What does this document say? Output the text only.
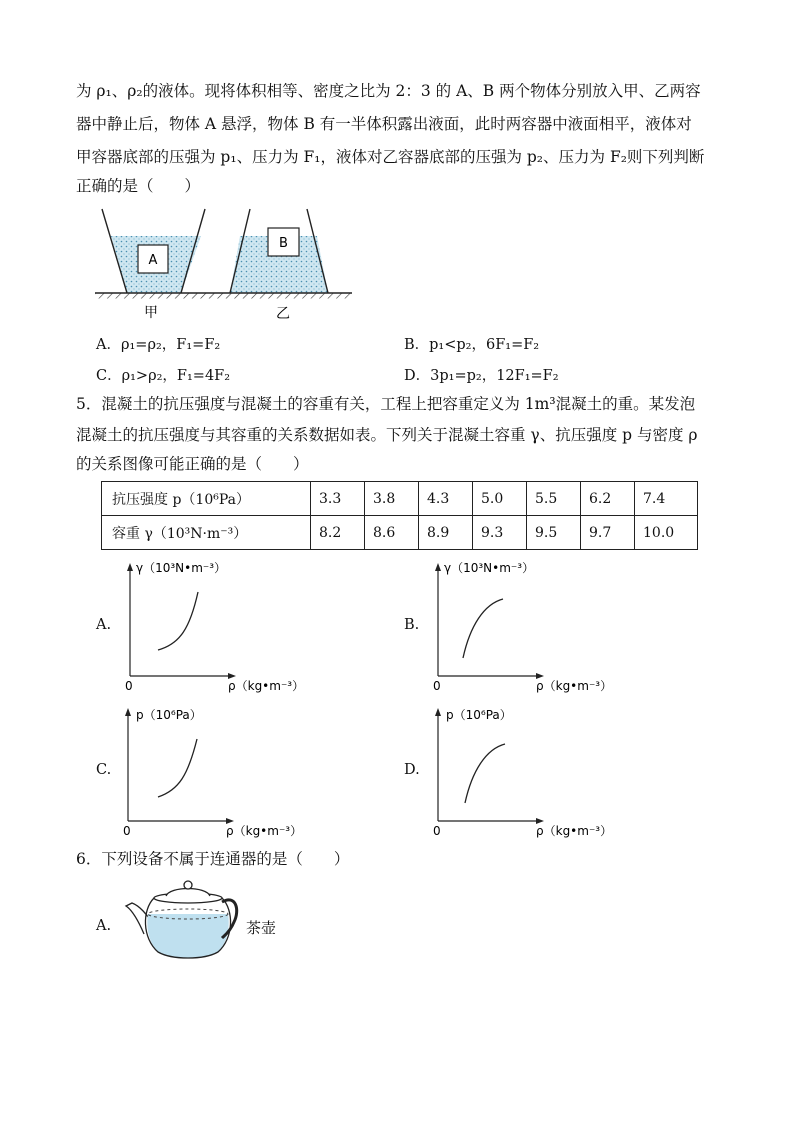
为 ρ₁、ρ₂的液体。现将体积相等、密度之比为 2：3 的 A、B 两个物体分别放入甲、乙两容
器中静止后，物体 A 悬浮，物体 B 有一半体积露出液面，此时两容器中液面相平，液体对
甲容器底部的压强为 p₁、压力为 F₁，液体对乙容器底部的压强为 p₂、压力为 F₂则下列判断
正确的是（　　）
A
B
甲	乙
A．ρ₁=ρ₂，F₁=F₂	B．p₁<p₂，6F₁=F₂
C．ρ₁>ρ₂，F₁=4F₂	D．3p₁=p₂，12F₁=F₂
5．混凝土的抗压强度与混凝土的容重有关，工程上把容重定义为 1m³混凝土的重。某发泡
混凝土的抗压强度与其容重的关系数据如表。下列关于混凝土容重 γ、抗压强度 p 与密度 ρ
的关系图像可能正确的是（　　）
抗压强度 p（10⁶Pa）	3.3	3.8	4.3	5.0	5.5	6.2	7.4
容重 γ（10³N·m⁻³）	8.2	8.6	8.9	9.3	9.5	9.7	10.0
A.
γ（10³N•m⁻³）
0	ρ（kg•m⁻³）
B.
γ（10³N•m⁻³）
0	ρ（kg•m⁻³）
C.
p（10⁶Pa）
0	ρ（kg•m⁻³）
D.
p（10⁶Pa）
0	ρ（kg•m⁻³）
6．下列设备不属于连通器的是（　　）
A.	茶壶
